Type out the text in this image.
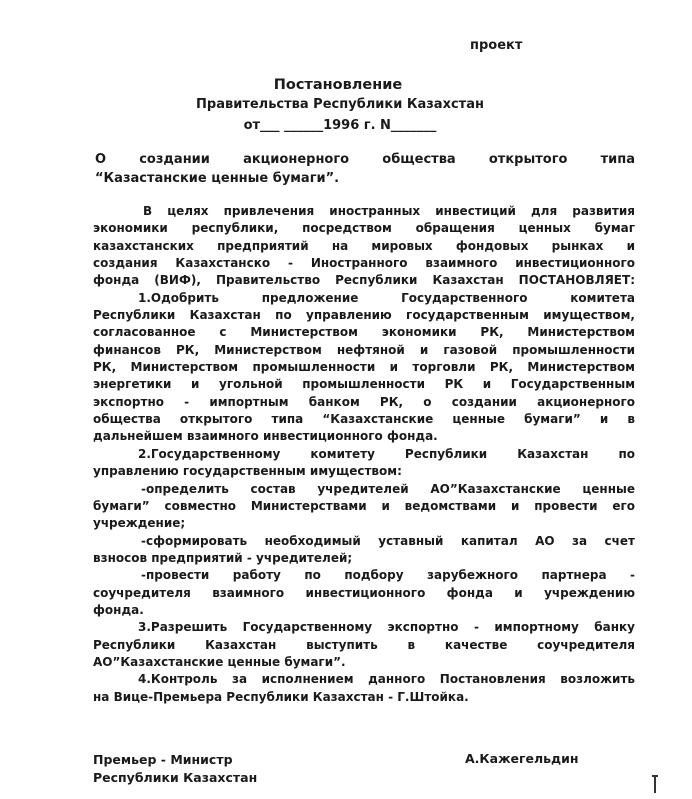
проект
Постановление
Правительства Республики Казахстан
от___ ______1996 г. N_______
О создании акционерного общества открытого типа
“Казастанские ценные бумаги”.
В целях привлечения иностранных инвестиций для развития
экономики республики, посредством обращения ценных бумаг
казахстанских предприятий на мировых фондовых рынках и
создания Казахстанско - Иностранного взаимного инвестиционного
фонда (ВИФ), Правительство Республики Казахстан ПОСТАНОВЛЯЕТ:
1.Одобрить предложение Государственного комитета
Республики Казахстан по управлению государственным имуществом,
согласованное с Министерством экономики РК, Министерством
финансов РК, Министерством нефтяной и газовой промышленности
РК, Министерством промышленности и торговли РК, Министерством
энергетики и угольной промышленности РК и Государственным
экспортно - импортным банком РК, о создании акционерного
общества открытого типа “Казахстанские ценные бумаги” и в
дальнейшем взаимного инвестиционного фонда.
2.Государственному комитету Республики Казахстан по
управлению государственным имуществом:
-определить состав учредителей АО”Казахстанские ценные
бумаги” совместно Министерствами и ведомствами и провести его
учреждение;
-сформировать необходимый уставный капитал АО за счет
взносов предприятий - учредителей;
-провести работу по подбору зарубежного партнера -
соучредителя взаимного инвестиционного фонда и учреждению
фонда.
3.Разрешить Государственному экспортно - импортному банку
Республики Казахстан выступить в качестве соучредителя
АО”Казахстанские ценные бумаги”.
4.Контроль за исполнением данного Постановления возложить
на Вице-Премьера Республики Казахстан - Г.Штойка.
Премьер - Министр
Республики Казахстан
А.Кажегельдин
